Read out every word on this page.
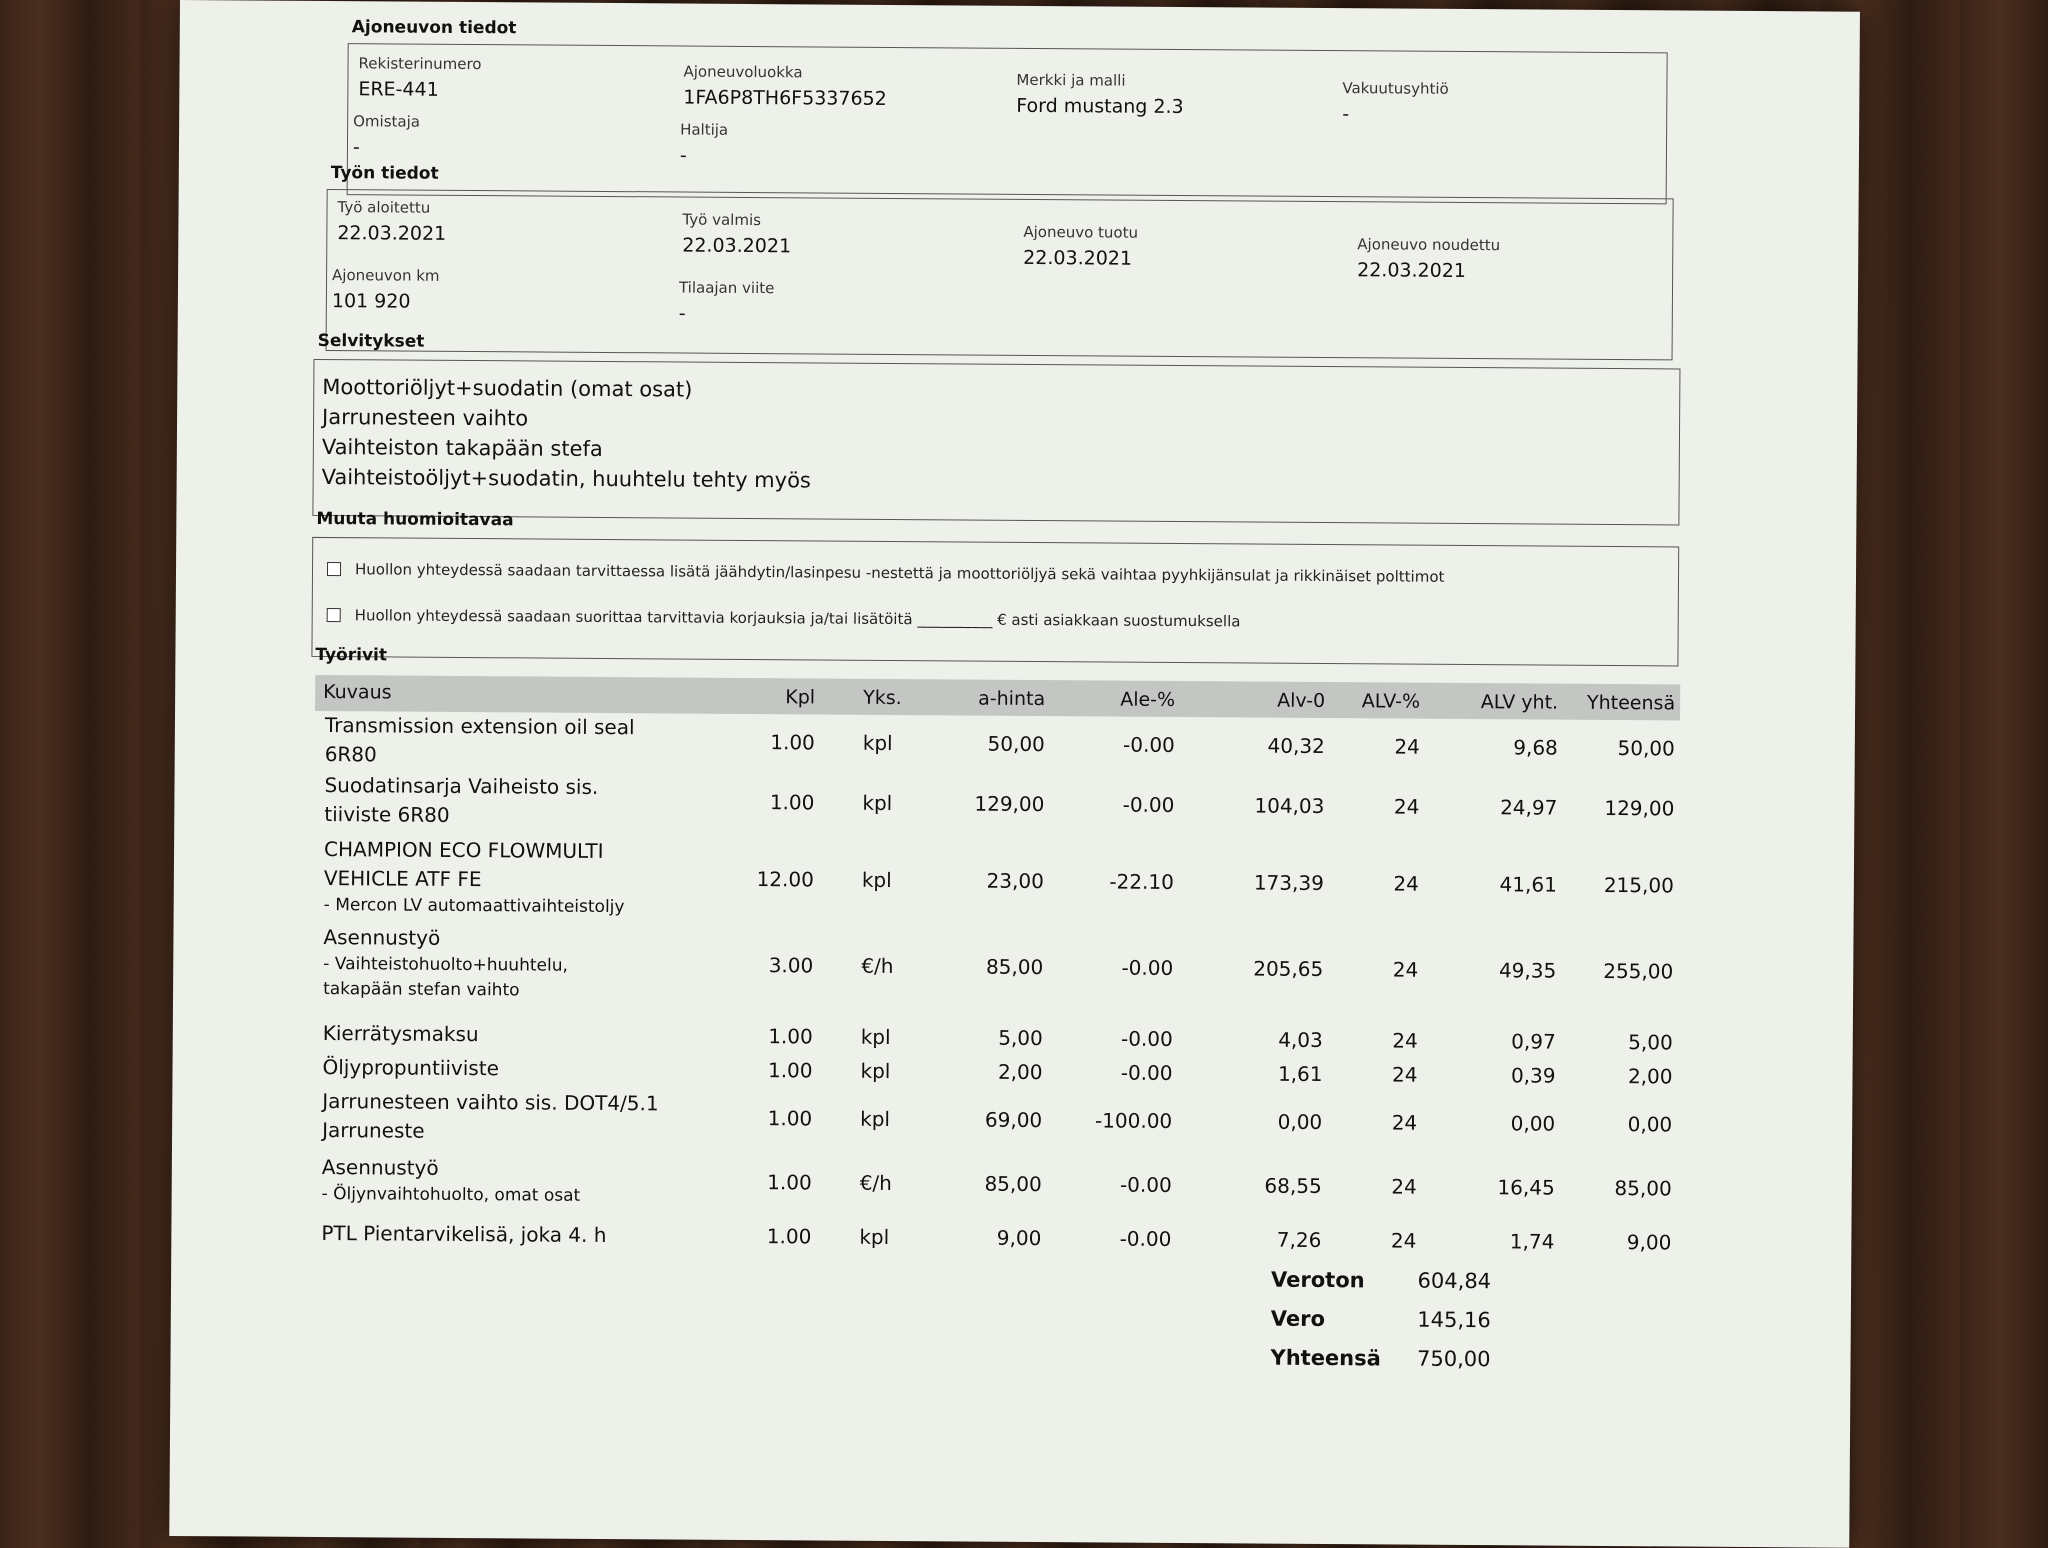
Ajoneuvon tiedot
Rekisterinumero
ERE-441
Ajoneuvoluokka
1FA6P8TH6F5337652
Merkki ja malli
Ford mustang 2.3
Vakuutusyhtiö
-
Omistaja
-
Haltija
-
Työn tiedot
Työ aloitettu
22.03.2021
Työ valmis
22.03.2021
Ajoneuvo tuotu
22.03.2021
Ajoneuvo noudettu
22.03.2021
Ajoneuvon km
101 920
Tilaajan viite
-
Selvitykset
Moottoriöljyt+suodatin (omat osat)
Jarrunesteen vaihto
Vaihteiston takapään stefa
Vaihteistoöljyt+suodatin, huuhtelu tehty myös
Muuta huomioitavaa
Huollon yhteydessä saadaan tarvittaessa lisätä jäähdytin/lasinpesu -nestettä ja moottoriöljyä sekä vaihtaa pyyhkijänsulat ja rikkinäiset polttimot
Huollon yhteydessä saadaan suorittaa tarvittavia korjauksia ja/tai lisätöitä __________ € asti asiakkaan suostumuksella
Työrivit
Kuvaus	Kpl	Yks.	a-hinta	Ale-%	Alv-0	ALV-%	ALV yht.	Yhteensä
Transmission extension oil seal
6R80	1.00 kpl	50,00	-0.00	40,32	24	9,68	50,00
Suodatinsarja Vaiheisto sis.
tiiviste 6R80	1.00 kpl	129,00	-0.00	104,03	24	24,97	129,00
CHAMPION ECO FLOWMULTI
VEHICLE ATF FE
- Mercon LV automaattivaihteistoljy
12.00 kpl	23,00	-22.10	173,39	24	41,61	215,00
Asennustyö
- Vaihteistohuolto+huuhtelu,
takapään stefan vaihto
3.00 €/h	85,00	-0.00	205,65	24	49,35	255,00
Kierrätysmaksu	1.00 kpl	5,00	-0.00	4,03	24	0,97	5,00
Öljypropuntiiviste	1.00 kpl	2,00	-0.00	1,61	24	0,39	2,00
Jarrunesteen vaihto sis. DOT4/5.1
Jarruneste	1.00 kpl	69,00	-100.00	0,00	24	0,00	0,00
Asennustyö
- Öljynvaihtohuolto, omat osat
1.00 €/h	85,00	-0.00	68,55	24	16,45	85,00
PTL Pientarvikelisä, joka 4. h	1.00 kpl	9,00	-0.00	7,26	24	1,74	9,00
Veroton	604,84
Vero	145,16
Yhteensä	750,00
